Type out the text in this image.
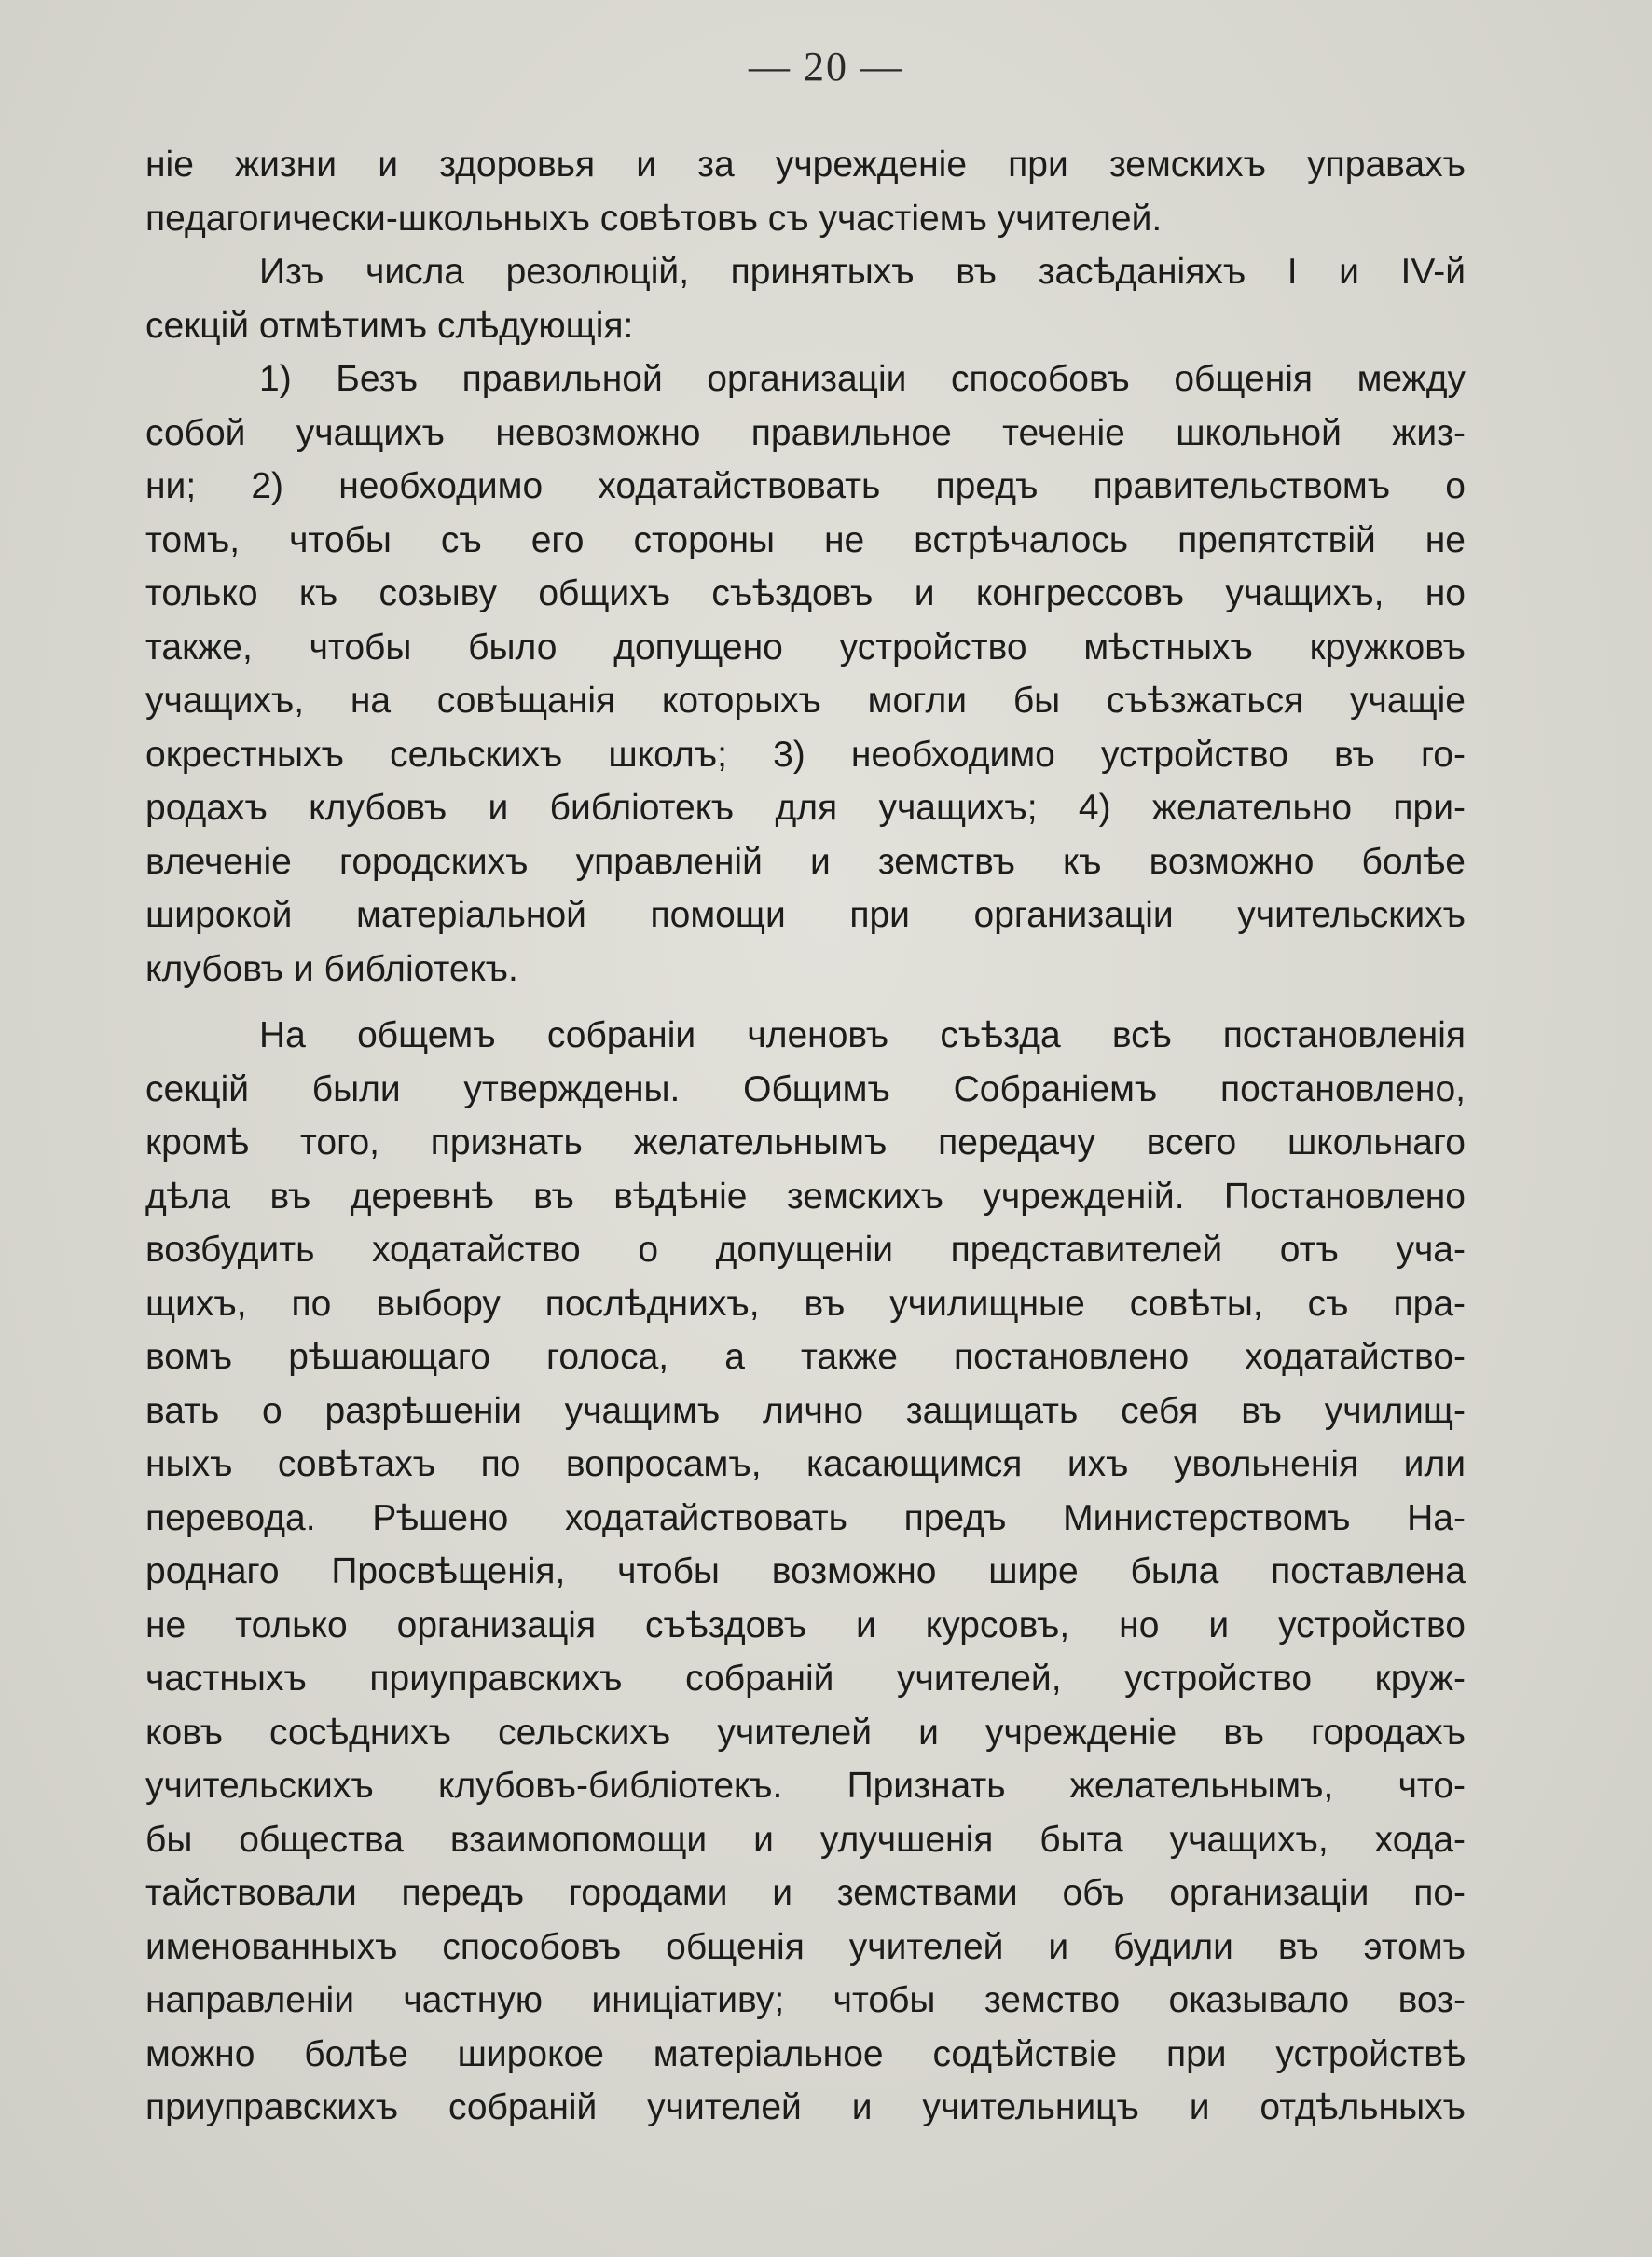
— 20 —
ніе жизни и здоровья и за учрежденіе при земскихъ управахъ
педагогически-школьныхъ совѣтовъ съ участіемъ учителей.
Изъ числа резолюцій, принятыхъ въ засѣданіяхъ I и IV-й
секцій отмѣтимъ слѣдующія:
1) Безъ правильной организаціи способовъ общенія между
собой учащихъ невозможно правильное теченіе школьной жиз-
ни; 2) необходимо ходатайствовать предъ правительствомъ о
томъ, чтобы съ его стороны не встрѣчалось препятствій не
только къ созыву общихъ съѣздовъ и конгрессовъ учащихъ, но
также, чтобы было допущено устройство мѣстныхъ кружковъ
учащихъ, на совѣщанія которыхъ могли бы съѣзжаться учащіе
окрестныхъ сельскихъ школъ; 3) необходимо устройство въ го-
родахъ клубовъ и библіотекъ для учащихъ; 4) желательно при-
влеченіе городскихъ управленій и земствъ къ возможно болѣе
широкой матеріальной помощи при организаціи учительскихъ
клубовъ и библіотекъ.
На общемъ собраніи членовъ съѣзда всѣ постановленія
секцій были утверждены. Общимъ Собраніемъ постановлено,
кромѣ того, признать желательнымъ передачу всего школьнаго
дѣла въ деревнѣ въ вѣдѣніе земскихъ учрежденій. Постановлено
возбудить ходатайство о допущеніи представителей отъ уча-
щихъ, по выбору послѣднихъ, въ училищные совѣты, съ пра-
вомъ рѣшающаго голоса, а также постановлено ходатайство-
вать о разрѣшеніи учащимъ лично защищать себя въ училищ-
ныхъ совѣтахъ по вопросамъ, касающимся ихъ увольненія или
перевода. Рѣшено ходатайствовать предъ Министерствомъ На-
роднаго Просвѣщенія, чтобы возможно шире была поставлена
не только организація съѣздовъ и курсовъ, но и устройство
частныхъ приуправскихъ собраній учителей, устройство круж-
ковъ сосѣднихъ сельскихъ учителей и учрежденіе въ городахъ
учительскихъ клубовъ-библіотекъ. Признать желательнымъ, что-
бы общества взаимопомощи и улучшенія быта учащихъ, хода-
тайствовали передъ городами и земствами объ организаціи по-
именованныхъ способовъ общенія учителей и будили въ этомъ
направленіи частную иниціативу; чтобы земство оказывало воз-
можно болѣе широкое матеріальное содѣйствіе при устройствѣ
приуправскихъ собраній учителей и учительницъ и отдѣльныхъ
